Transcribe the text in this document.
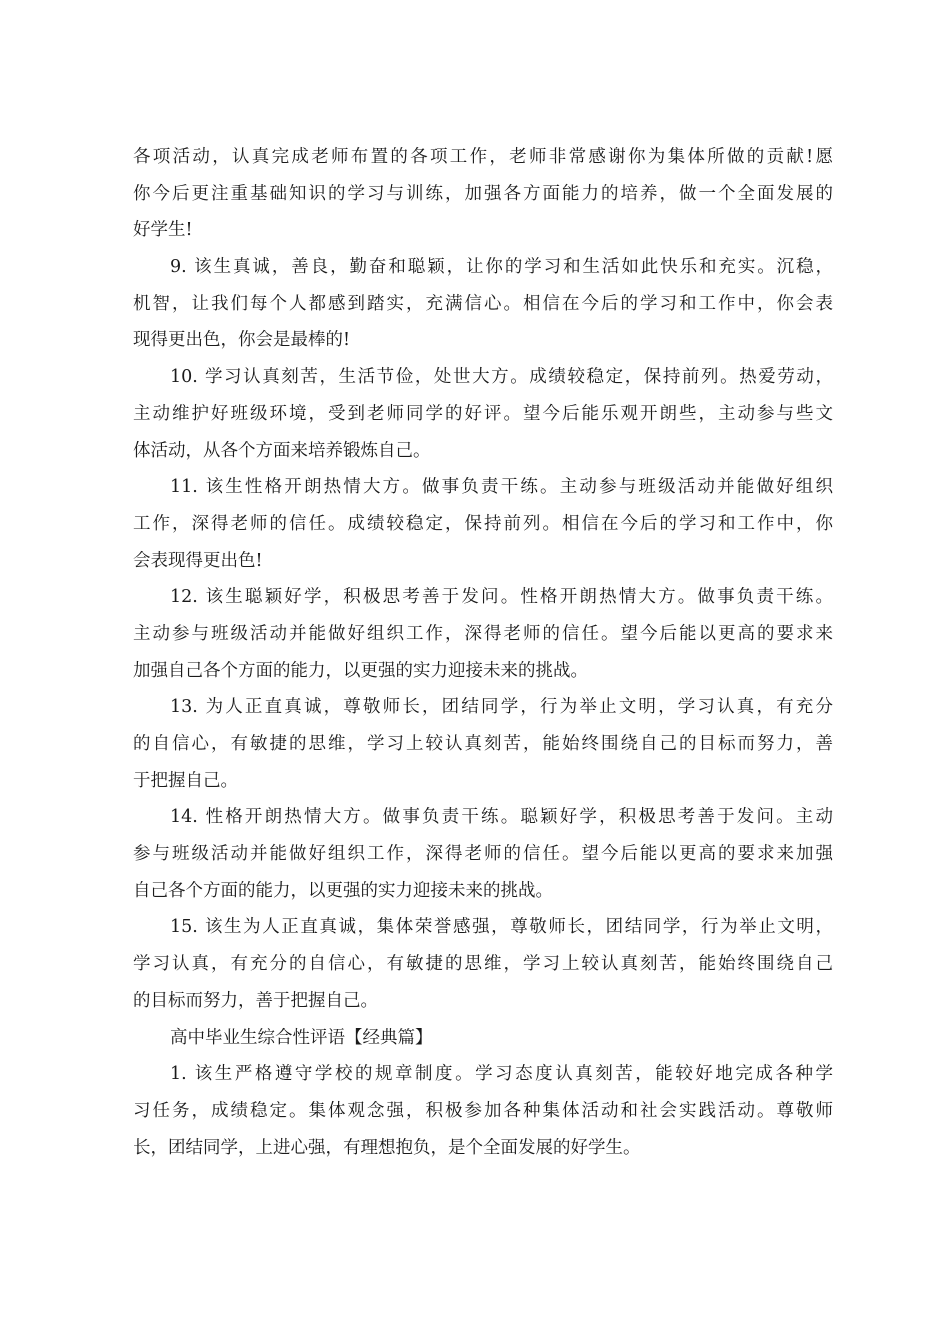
各项活动，认真完成老师布置的各项工作，老师非常感谢你为集体所做的贡献!愿
你今后更注重基础知识的学习与训练，加强各方面能力的培养，做一个全面发展的
好学生!
9. 该生真诚，善良，勤奋和聪颖，让你的学习和生活如此快乐和充实。沉稳，
机智，让我们每个人都感到踏实，充满信心。相信在今后的学习和工作中，你会表
现得更出色，你会是最棒的!
10. 学习认真刻苦，生活节俭，处世大方。成绩较稳定，保持前列。热爱劳动，
主动维护好班级环境，受到老师同学的好评。望今后能乐观开朗些，主动参与些文
体活动，从各个方面来培养锻炼自己。
11. 该生性格开朗热情大方。做事负责干练。主动参与班级活动并能做好组织
工作，深得老师的信任。成绩较稳定，保持前列。相信在今后的学习和工作中，你
会表现得更出色!
12. 该生聪颖好学，积极思考善于发问。性格开朗热情大方。做事负责干练。
主动参与班级活动并能做好组织工作，深得老师的信任。望今后能以更高的要求来
加强自己各个方面的能力，以更强的实力迎接未来的挑战。
13. 为人正直真诚，尊敬师长，团结同学，行为举止文明，学习认真，有充分
的自信心，有敏捷的思维，学习上较认真刻苦，能始终围绕自己的目标而努力，善
于把握自己。
14. 性格开朗热情大方。做事负责干练。聪颖好学，积极思考善于发问。主动
参与班级活动并能做好组织工作，深得老师的信任。望今后能以更高的要求来加强
自己各个方面的能力，以更强的实力迎接未来的挑战。
15. 该生为人正直真诚，集体荣誉感强，尊敬师长，团结同学，行为举止文明，
学习认真，有充分的自信心，有敏捷的思维，学习上较认真刻苦，能始终围绕自己
的目标而努力，善于把握自己。
高中毕业生综合性评语【经典篇】
1. 该生严格遵守学校的规章制度。学习态度认真刻苦，能较好地完成各种学
习任务，成绩稳定。集体观念强，积极参加各种集体活动和社会实践活动。尊敬师
长，团结同学，上进心强，有理想抱负，是个全面发展的好学生。
